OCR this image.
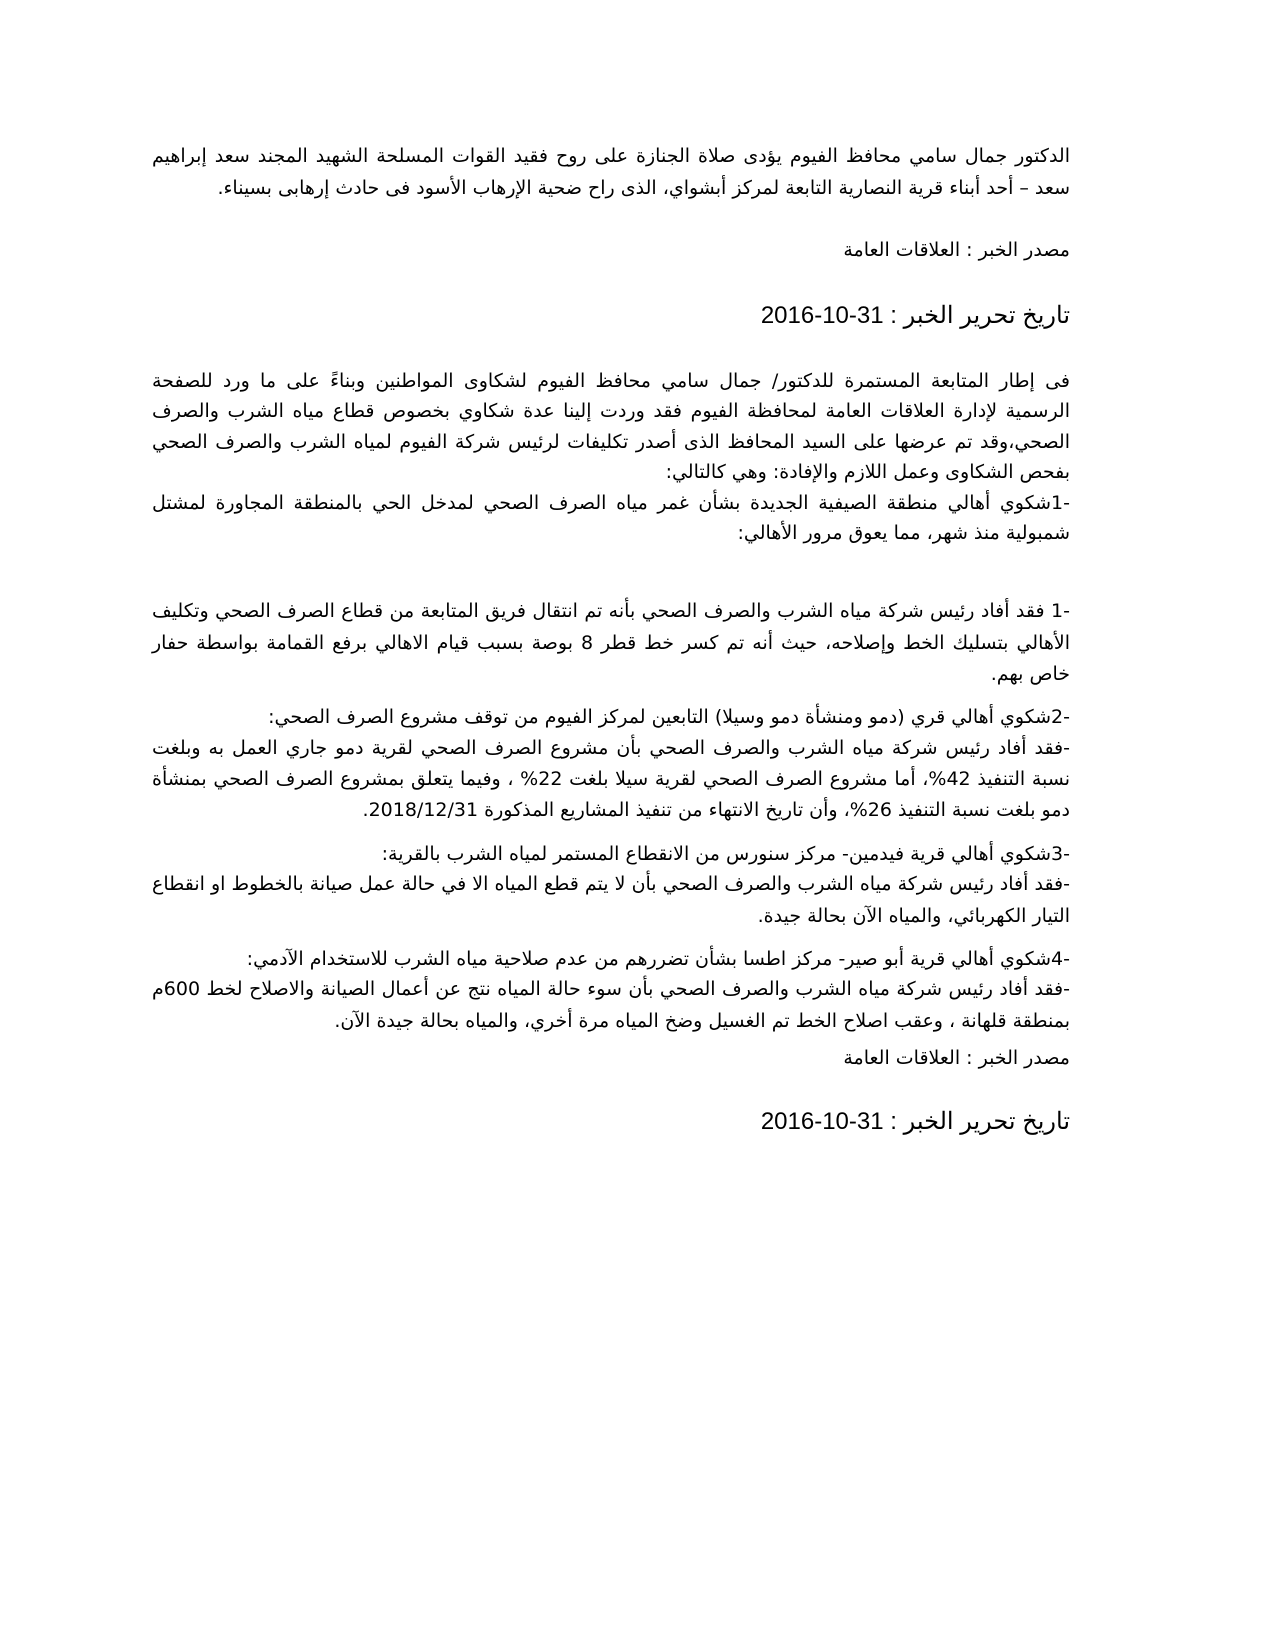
الدكتور جمال سامي محافظ الفيوم يؤدى صلاة الجنازة على روح فقيد القوات المسلحة الشهيد المجند سعد إبراهيم سعد – أحد أبناء قرية النصارية التابعة لمركز أبشواي، الذى راح ضحية الإرهاب الأسود فى حادث إرهابى بسيناء.

مصدر الخبر : العلاقات العامة

تاريخ تحرير الخبر : 31-10-2016

فى إطار المتابعة المستمرة للدكتور/ جمال سامي محافظ الفيوم لشكاوى المواطنين وبناءً على ما ورد للصفحة الرسمية لإدارة العلاقات العامة لمحافظة الفيوم فقد وردت إلينا عدة شكاوي بخصوص قطاع مياه الشرب والصرف الصحي،وقد تم عرضها على السيد المحافظ الذى أصدر تكليفات لرئيس شركة الفيوم لمياه الشرب والصرف الصحي بفحص الشكاوى وعمل اللازم والإفادة: وهي كالتالي:

-1شكوي أهالي منطقة الصيفية الجديدة بشأن غمر مياه الصرف الصحي لمدخل الحي بالمنطقة المجاورة لمشتل شمبولية منذ شهر، مما يعوق مرور الأهالي:

-1 فقد أفاد رئيس شركة مياه الشرب والصرف الصحي بأنه تم انتقال فريق المتابعة من قطاع الصرف الصحي وتكليف الأهالي بتسليك الخط وإصلاحه، حيث أنه تم كسر خط قطر 8 بوصة بسبب قيام الاهالي برفع القمامة بواسطة حفار خاص بهم.

-2شكوي أهالي قري (دمو ومنشأة دمو وسيلا) التابعين لمركز الفيوم من توقف مشروع الصرف الصحي:

-فقد أفاد رئيس شركة مياه الشرب والصرف الصحي بأن مشروع الصرف الصحي لقرية دمو جاري العمل به وبلغت نسبة التنفيذ 42%، أما مشروع الصرف الصحي لقرية سيلا بلغت 22% ، وفيما يتعلق بمشروع الصرف الصحي بمنشأة دمو بلغت نسبة التنفيذ 26%، وأن تاريخ الانتهاء من تنفيذ المشاريع المذكورة 2018/12/31.

-3شكوي أهالي قرية فيدمين- مركز سنورس من الانقطاع المستمر لمياه الشرب بالقرية:

-فقد أفاد رئيس شركة مياه الشرب والصرف الصحي بأن لا يتم قطع المياه الا في حالة عمل صيانة بالخطوط او انقطاع التيار الكهربائي، والمياه الآن بحالة جيدة.

-4شكوي أهالي قرية أبو صير- مركز اطسا بشأن تضررهم من عدم صلاحية مياه الشرب للاستخدام الآدمي:

-فقد أفاد رئيس شركة مياه الشرب والصرف الصحي بأن سوء حالة المياه نتج عن أعمال الصيانة والاصلاح لخط 600م بمنطقة قلهانة ، وعقب اصلاح الخط تم الغسيل وضخ المياه مرة أخري، والمياه بحالة جيدة الآن.

مصدر الخبر : العلاقات العامة

تاريخ تحرير الخبر : 31-10-2016
